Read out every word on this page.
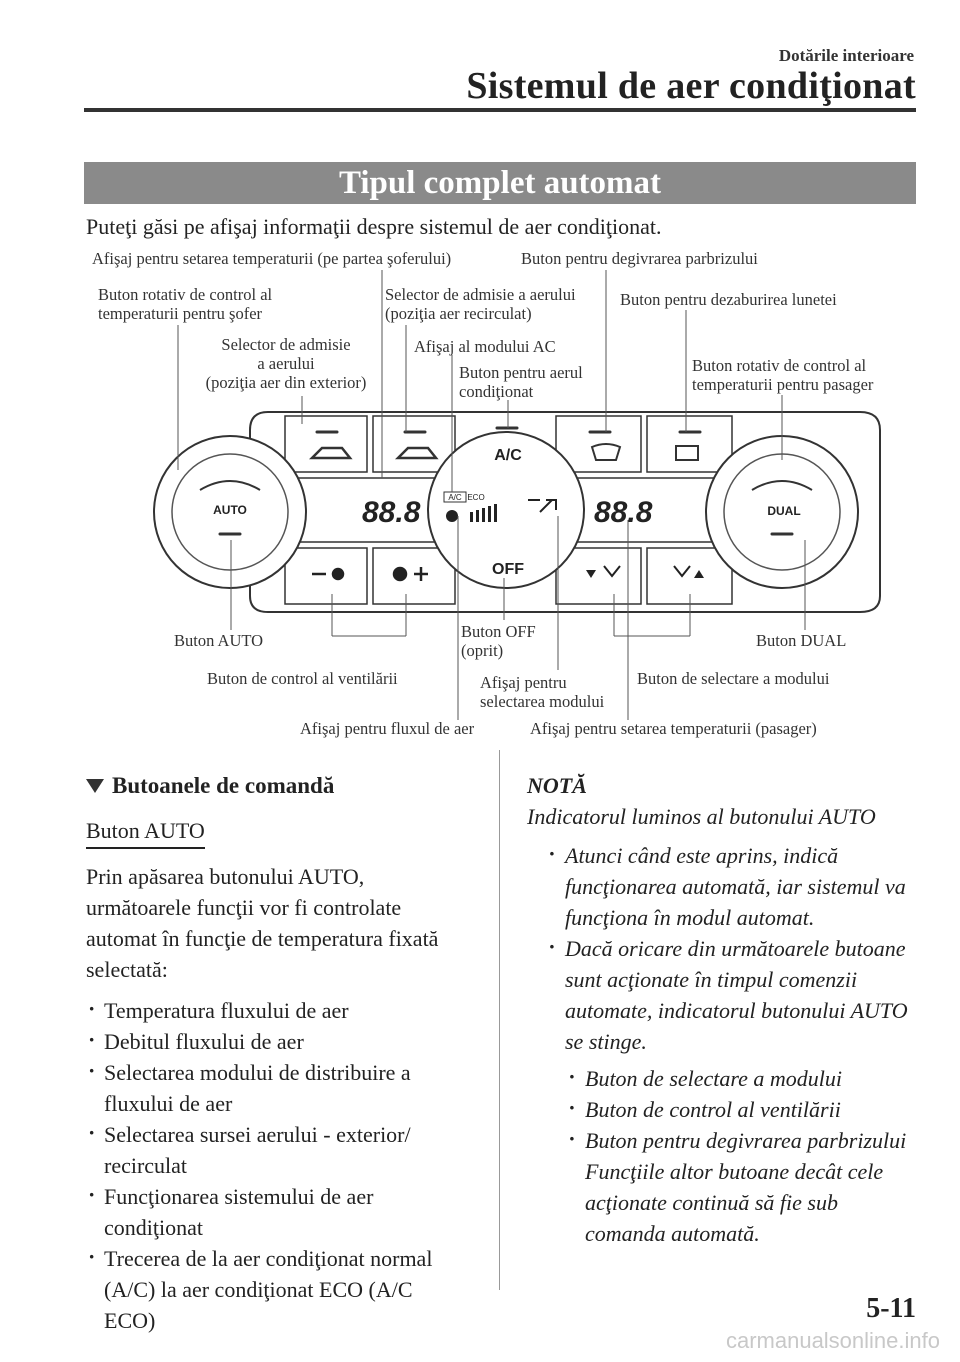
Dotările interioare
Sistemul de aer condiţionat
Tipul complet automat
Puteţi găsi pe afişaj informaţii despre sistemul de aer condiţionat.
A/C
OFF
AUTO	DUAL
88.8	88.8
A/C ECO
Afişaj pentru setarea temperaturii (pe partea şoferului)	Buton pentru degivrarea parbrizului
Buton rotativ de control al
temperaturii pentru şofer
Selector de admisie a aerului
(poziţia aer recirculat)
Buton pentru dezaburirea lunetei
Selector de admisie
a aerului
(poziţia aer din exterior)
Afişaj al modului AC
Buton pentru aerul
condiţionat
Buton rotativ de control al
temperaturii pentru pasager
Buton AUTO	Buton OFF
(oprit)
Buton DUAL
Buton de control al ventilării	Afişaj pentru
selectarea modului
Buton de selectare a modului
Afişaj pentru fluxul de aer	Afişaj pentru setarea temperaturii (pasager)
Butoanele de comandă
Buton AUTO
Prin apăsarea butonului AUTO, următoarele funcţii vor fi controlate automat în funcţie de temperatura fixată selectată:
· Temperatura fluxului de aer
· Debitul fluxului de aer
· Selectarea modului de distribuire a fluxului de aer
· Selectarea sursei aerului - exterior/ recirculat
· Funcţionarea sistemului de aer condiţionat
· Trecerea de la aer condiţionat normal (A/C) la aer condiţionat ECO (A/C ECO)
NOTĂ
Indicatorul luminos al butonului AUTO
· Atunci când este aprins, indică funcţionarea automată, iar sistemul va funcţiona în modul automat.
· Dacă oricare din următoarele butoane sunt acţionate în timpul comenzii automate, indicatorul butonului AUTO se stinge.
· Buton de selectare a modului
· Buton de control al ventilării
· Buton pentru degivrarea parbrizului
Funcţiile altor butoane decât cele acţionate continuă să fie sub comanda automată.
5-11
carmanualsonline.info
